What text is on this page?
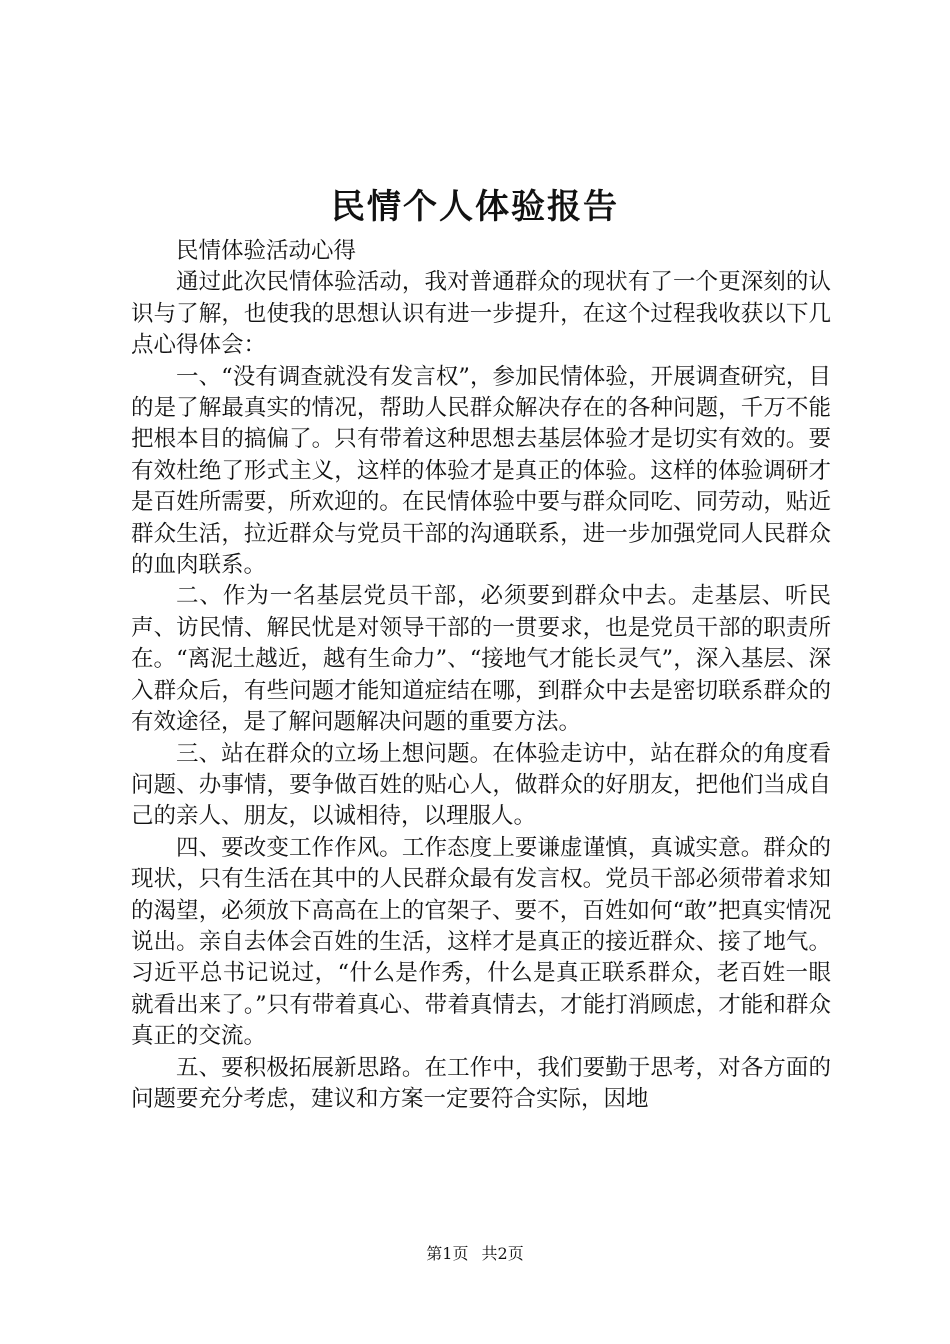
民情个人体验报告

民情体验活动心得

通过此次民情体验活动，我对普通群众的现状有了一个更深刻的认识与了解，也使我的思想认识有进一步提升，在这个过程我收获以下几点心得体会：

一、“没有调查就没有发言权”，参加民情体验，开展调查研究，目的是了解最真实的情况，帮助人民群众解决存在的各种问题，千万不能把根本目的搞偏了。只有带着这种思想去基层体验才是切实有效的。要有效杜绝了形式主义，这样的体验才是真正的体验。这样的体验调研才是百姓所需要，所欢迎的。在民情体验中要与群众同吃、同劳动，贴近群众生活，拉近群众与党员干部的沟通联系，进一步加强党同人民群众的血肉联系。

二、作为一名基层党员干部，必须要到群众中去。走基层、听民声、访民情、解民忧是对领导干部的一贯要求，也是党员干部的职责所在。“离泥土越近，越有生命力”、“接地气才能长灵气”，深入基层、深入群众后，有些问题才能知道症结在哪，到群众中去是密切联系群众的有效途径，是了解问题解决问题的重要方法。

三、站在群众的立场上想问题。在体验走访中，站在群众的角度看问题、办事情，要争做百姓的贴心人，做群众的好朋友，把他们当成自己的亲人、朋友，以诚相待，以理服人。

四、要改变工作作风。工作态度上要谦虚谨慎，真诚实意。群众的现状，只有生活在其中的人民群众最有发言权。党员干部必须带着求知的渴望，必须放下高高在上的官架子、要不，百姓如何“敢”把真实情况说出。亲自去体会百姓的生活，这样才是真正的接近群众、接了地气。习近平总书记说过，“什么是作秀，什么是真正联系群众，老百姓一眼就看出来了。”只有带着真心、带着真情去，才能打消顾虑，才能和群众真正的交流。

五、要积极拓展新思路。在工作中，我们要勤于思考，对各方面的问题要充分考虑，建议和方案一定要符合实际，因地

第1页 共2页
